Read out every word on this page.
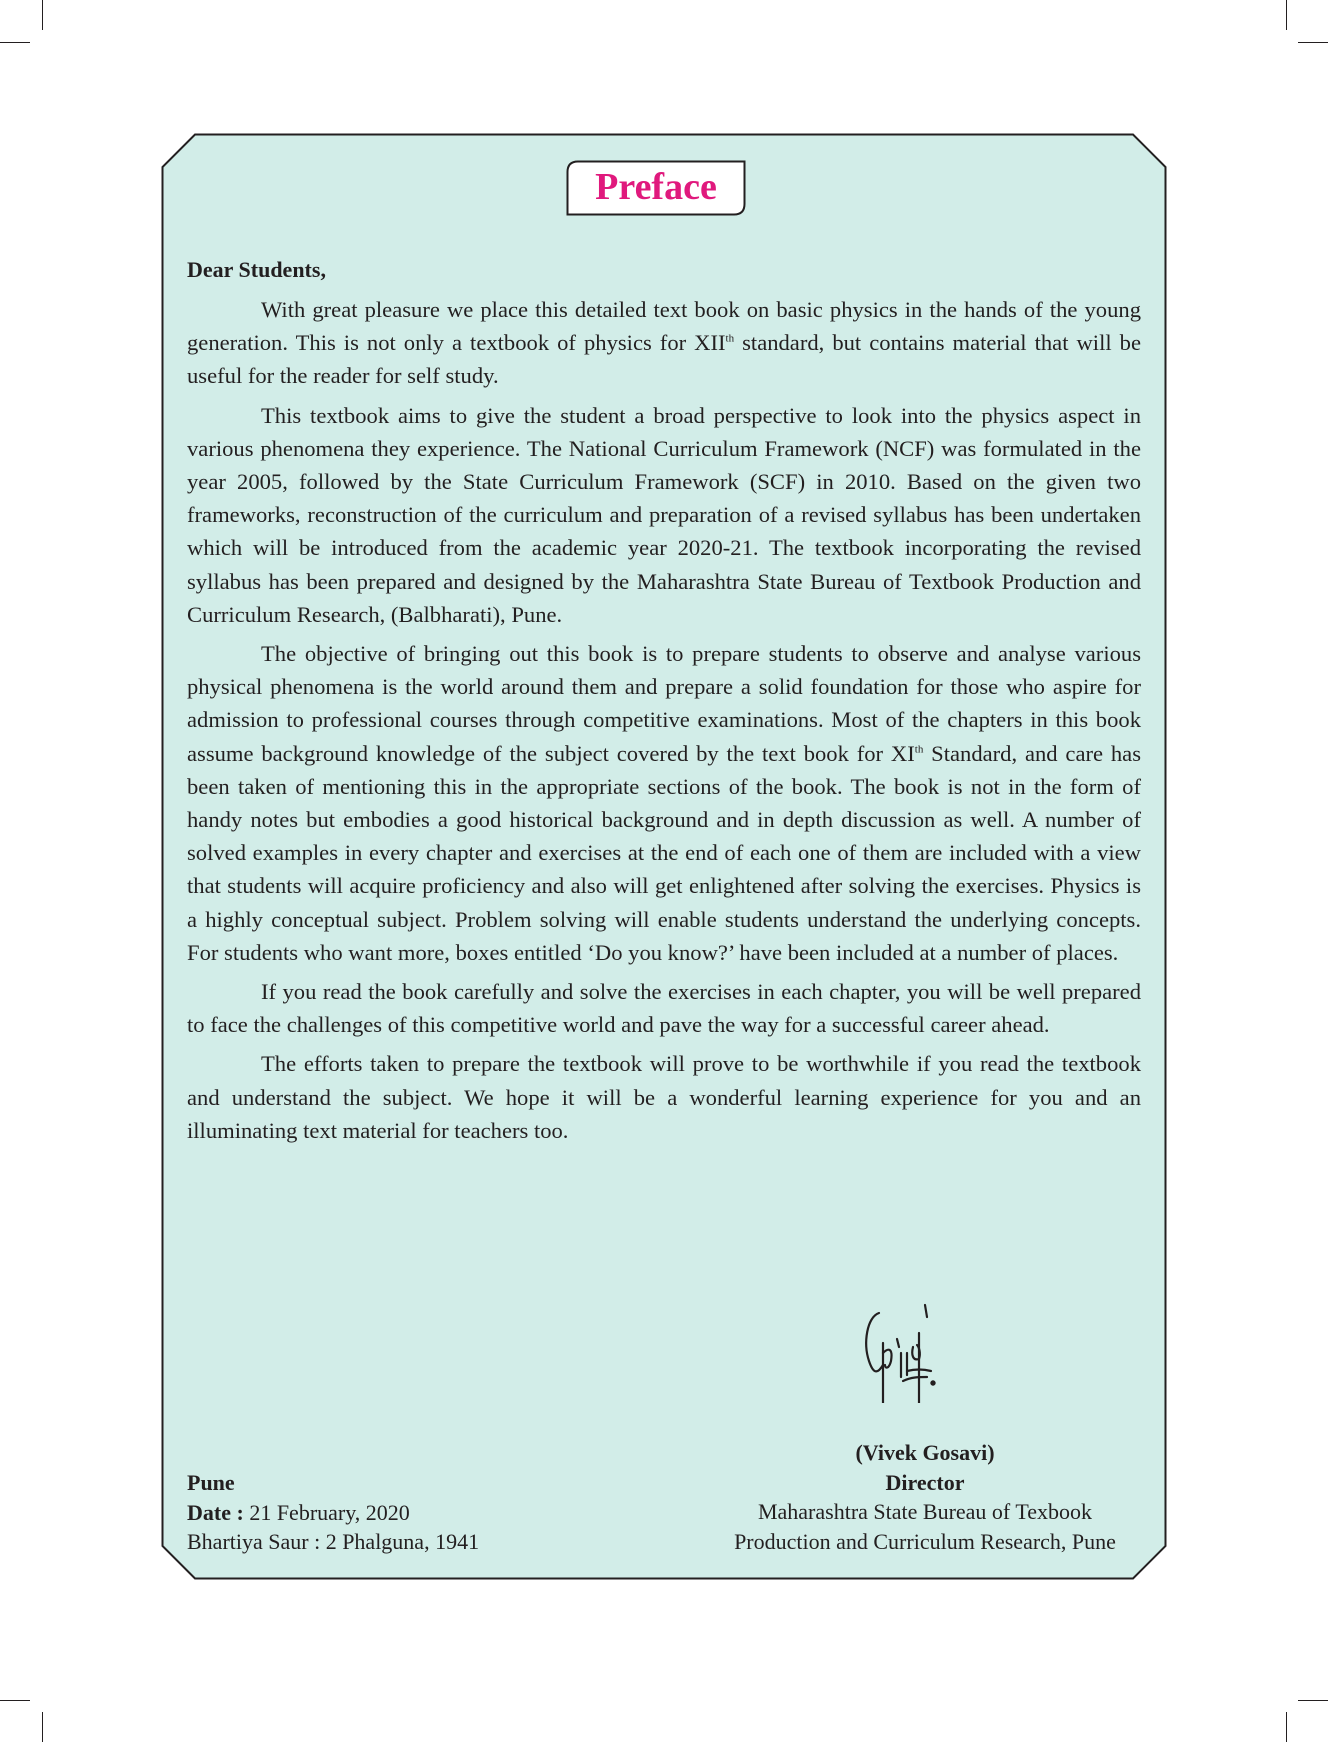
Preface
Dear Students,

With great pleasure we place this detailed text book on basic physics in the hands of the young generation. This is not only a textbook of physics for XIIth standard, but contains material that will be useful for the reader for self study.

This textbook aims to give the student a broad perspective to look into the physics aspect in various phenomena they experience. The National Curriculum Framework (NCF) was formulated in the year 2005, followed by the State Curriculum Framework (SCF) in 2010. Based on the given two frameworks, reconstruction of the curriculum and preparation of a revised syllabus has been undertaken which will be introduced from the academic year 2020-21. The textbook incorporating the revised syllabus has been prepared and designed by the Maharashtra State Bureau of Textbook Production and Curriculum Research, (Balbharati), Pune.

The objective of bringing out this book is to prepare students to observe and analyse various physical phenomena is the world around them and prepare a solid foundation for those who aspire for admission to professional courses through competitive examinations. Most of the chapters in this book assume background knowledge of the subject covered by the text book for XIth Standard, and care has been taken of mentioning this in the appropriate sections of the book. The book is not in the form of handy notes but embodies a good historical background and in depth discussion as well. A number of solved examples in every chapter and exercises at the end of each one of them are included with a view that students will acquire proficiency and also will get enlightened after solving the exercises. Physics is a highly conceptual subject. Problem solving will enable students understand the underlying concepts. For students who want more, boxes entitled ‘Do you know?’ have been included at a number of places.

If you read the book carefully and solve the exercises in each chapter, you will be well prepared to face the challenges of this competitive world and pave the way for a successful career ahead.

The efforts taken to prepare the textbook will prove to be worthwhile if you read the textbook and understand the subject. We hope it will be a wonderful learning experience for you and an illuminating text material for teachers too.

(Vivek Gosavi)
Director
Maharashtra State Bureau of Texbook
Production and Curriculum Research, Pune
Pune
Date : 21 February, 2020
Bhartiya Saur : 2 Phalguna, 1941
